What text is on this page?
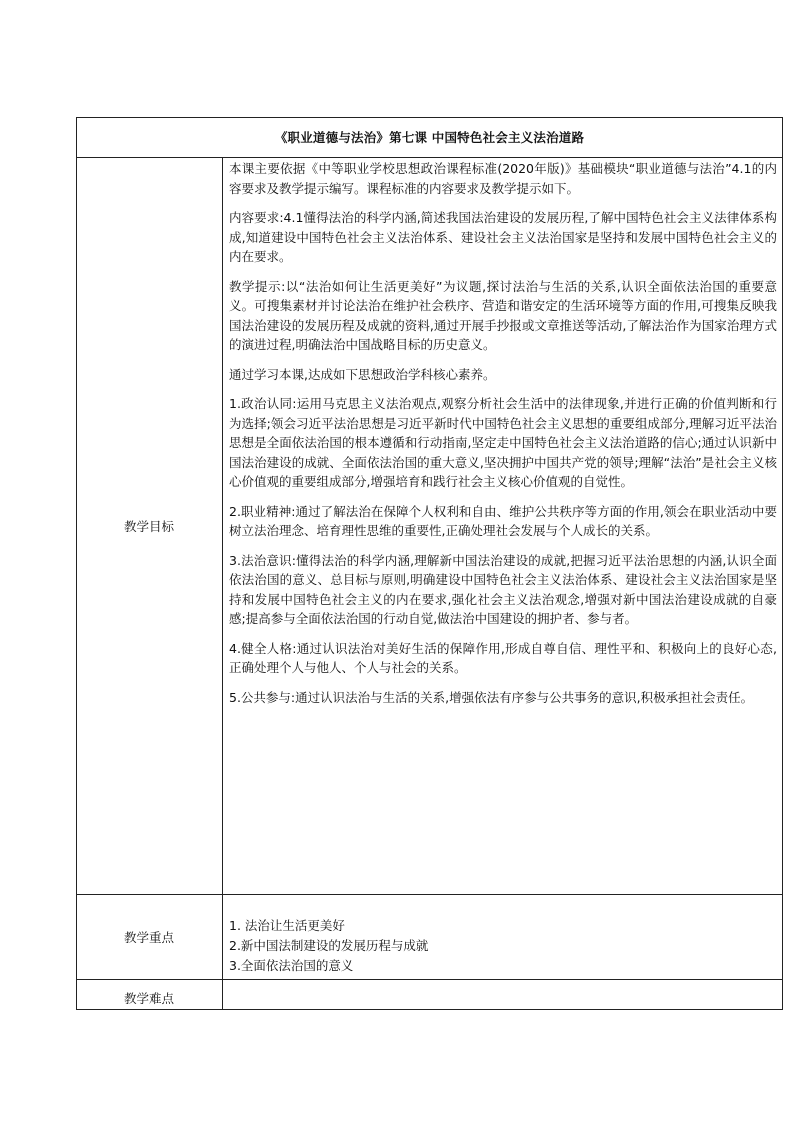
《职业道德与法治》第七课 中国特色社会主义法治道路
教学目标

本课主要依据《中等职业学校思想政治课程标准(2020年版)》基础模块“职业道德与法治”4.1的内容要求及教学提示编写。课程标准的内容要求及教学提示如下。

内容要求:4.1懂得法治的科学内涵,简述我国法治建设的发展历程,了解中国特色社会主义法律体系构成,知道建设中国特色社会主义法治体系、建设社会主义法治国家是坚持和发展中国特色社会主义的内在要求。

教学提示:以“法治如何让生活更美好”为议题,探讨法治与生活的关系,认识全面依法治国的重要意义。可搜集素材并讨论法治在维护社会秩序、营造和谐安定的生活环境等方面的作用,可搜集反映我国法治建设的发展历程及成就的资料,通过开展手抄报或文章推送等活动,了解法治作为国家治理方式的演进过程,明确法治中国战略目标的历史意义。

通过学习本课,达成如下思想政治学科核心素养。

1.政治认同:运用马克思主义法治观点,观察分析社会生活中的法律现象,并进行正确的价值判断和行为选择;领会习近平法治思想是习近平新时代中国特色社会主义思想的重要组成部分,理解习近平法治思想是全面依法治国的根本遵循和行动指南,坚定走中国特色社会主义法治道路的信心;通过认识新中国法治建设的成就、全面依法治国的重大意义,坚决拥护中国共产党的领导;理解“法治”是社会主义核心价值观的重要组成部分,增强培育和践行社会主义核心价值观的自觉性。

2.职业精神:通过了解法治在保障个人权利和自由、维护公共秩序等方面的作用,领会在职业活动中要树立法治理念、培育理性思维的重要性,正确处理社会发展与个人成长的关系。

3.法治意识:懂得法治的科学内涵,理解新中国法治建设的成就,把握习近平法治思想的内涵,认识全面依法治国的意义、总目标与原则,明确建设中国特色社会主义法治体系、建设社会主义法治国家是坚持和发展中国特色社会主义的内在要求,强化社会主义法治观念,增强对新中国法治建设成就的自豪感;提高参与全面依法治国的行动自觉,做法治中国建设的拥护者、参与者。

4.健全人格:通过认识法治对美好生活的保障作用,形成自尊自信、理性平和、积极向上的良好心态,正确处理个人与他人、个人与社会的关系。

5.公共参与:通过认识法治与生活的关系,增强依法有序参与公共事务的意识,积极承担社会责任。

教学重点
1. 法治让生活更美好
2.新中国法制建设的发展历程与成就
3.全面依法治国的意义
教学难点
